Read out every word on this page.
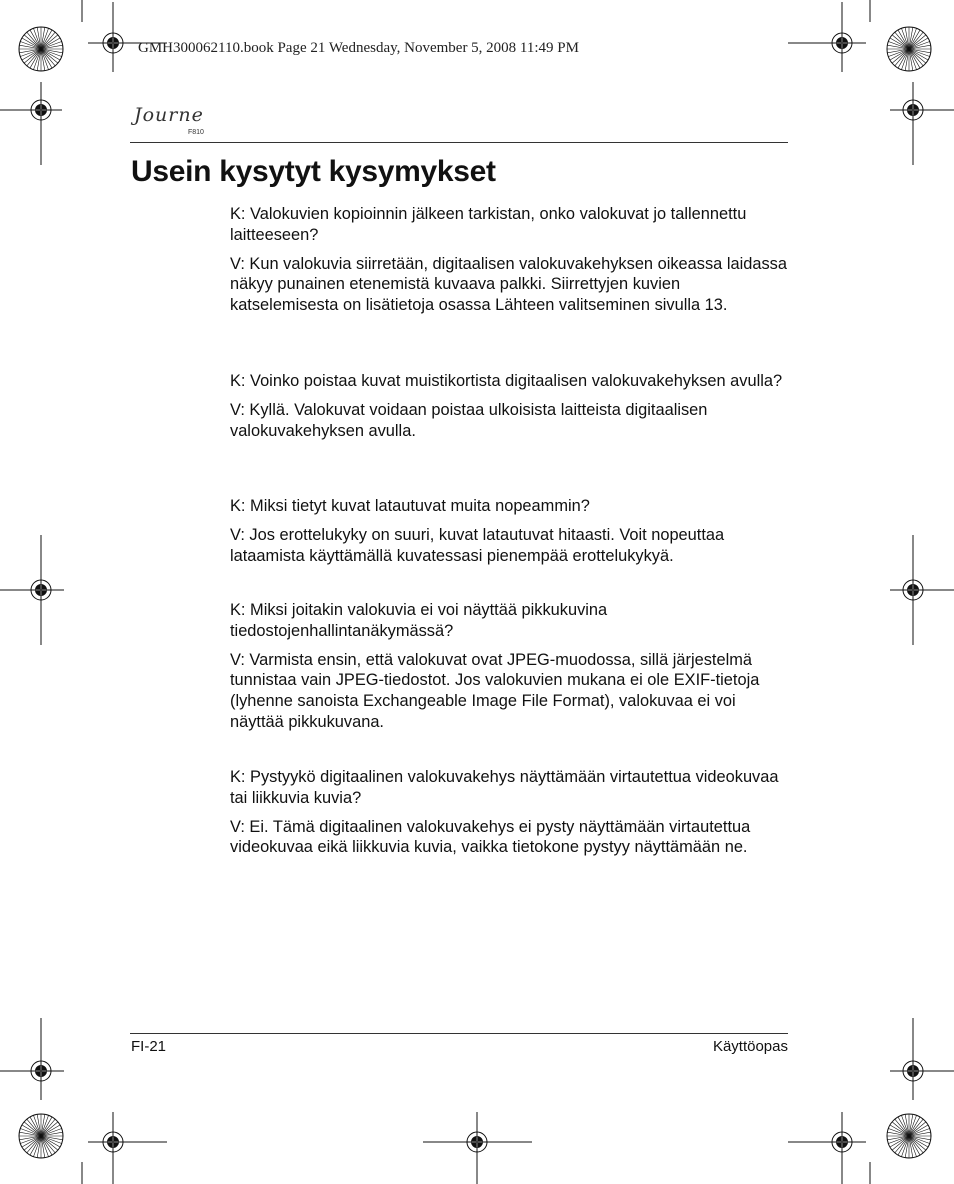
GMH300062110.book Page 21 Wednesday, November 5, 2008 11:49 PM
Journe
F810
Usein kysytyt kysymykset

K: Valokuvien kopioinnin jälkeen tarkistan, onko valokuvat jo tallennettu laitteeseen?

V: Kun valokuvia siirretään, digitaalisen valokuvakehyksen oikeassa laidassa näkyy punainen etenemistä kuvaava palkki. Siirrettyjen kuvien katselemisesta on lisätietoja osassa Lähteen valitseminen sivulla 13.

K: Voinko poistaa kuvat muistikortista digitaalisen valokuvakehyksen avulla?

V: Kyllä. Valokuvat voidaan poistaa ulkoisista laitteista digitaalisen valokuvakehyksen avulla.

K: Miksi tietyt kuvat latautuvat muita nopeammin?

V: Jos erottelukyky on suuri, kuvat latautuvat hitaasti. Voit nopeuttaa lataamista käyttämällä kuvatessasi pienempää erottelukykyä.

K: Miksi joitakin valokuvia ei voi näyttää pikkukuvina tiedostojenhallintanäkymässä?

V: Varmista ensin, että valokuvat ovat JPEG-muodossa, sillä järjestelmä tunnistaa vain JPEG-tiedostot. Jos valokuvien mukana ei ole EXIF-tietoja (lyhenne sanoista Exchangeable Image File Format), valokuvaa ei voi näyttää pikkukuvana.

K: Pystyykö digitaalinen valokuvakehys näyttämään virtautettua videokuvaa tai liikkuvia kuvia?

V: Ei. Tämä digitaalinen valokuvakehys ei pysty näyttämään virtautettua videokuvaa eikä liikkuvia kuvia, vaikka tietokone pystyy näyttämään ne.

FI-21	Käyttöopas
